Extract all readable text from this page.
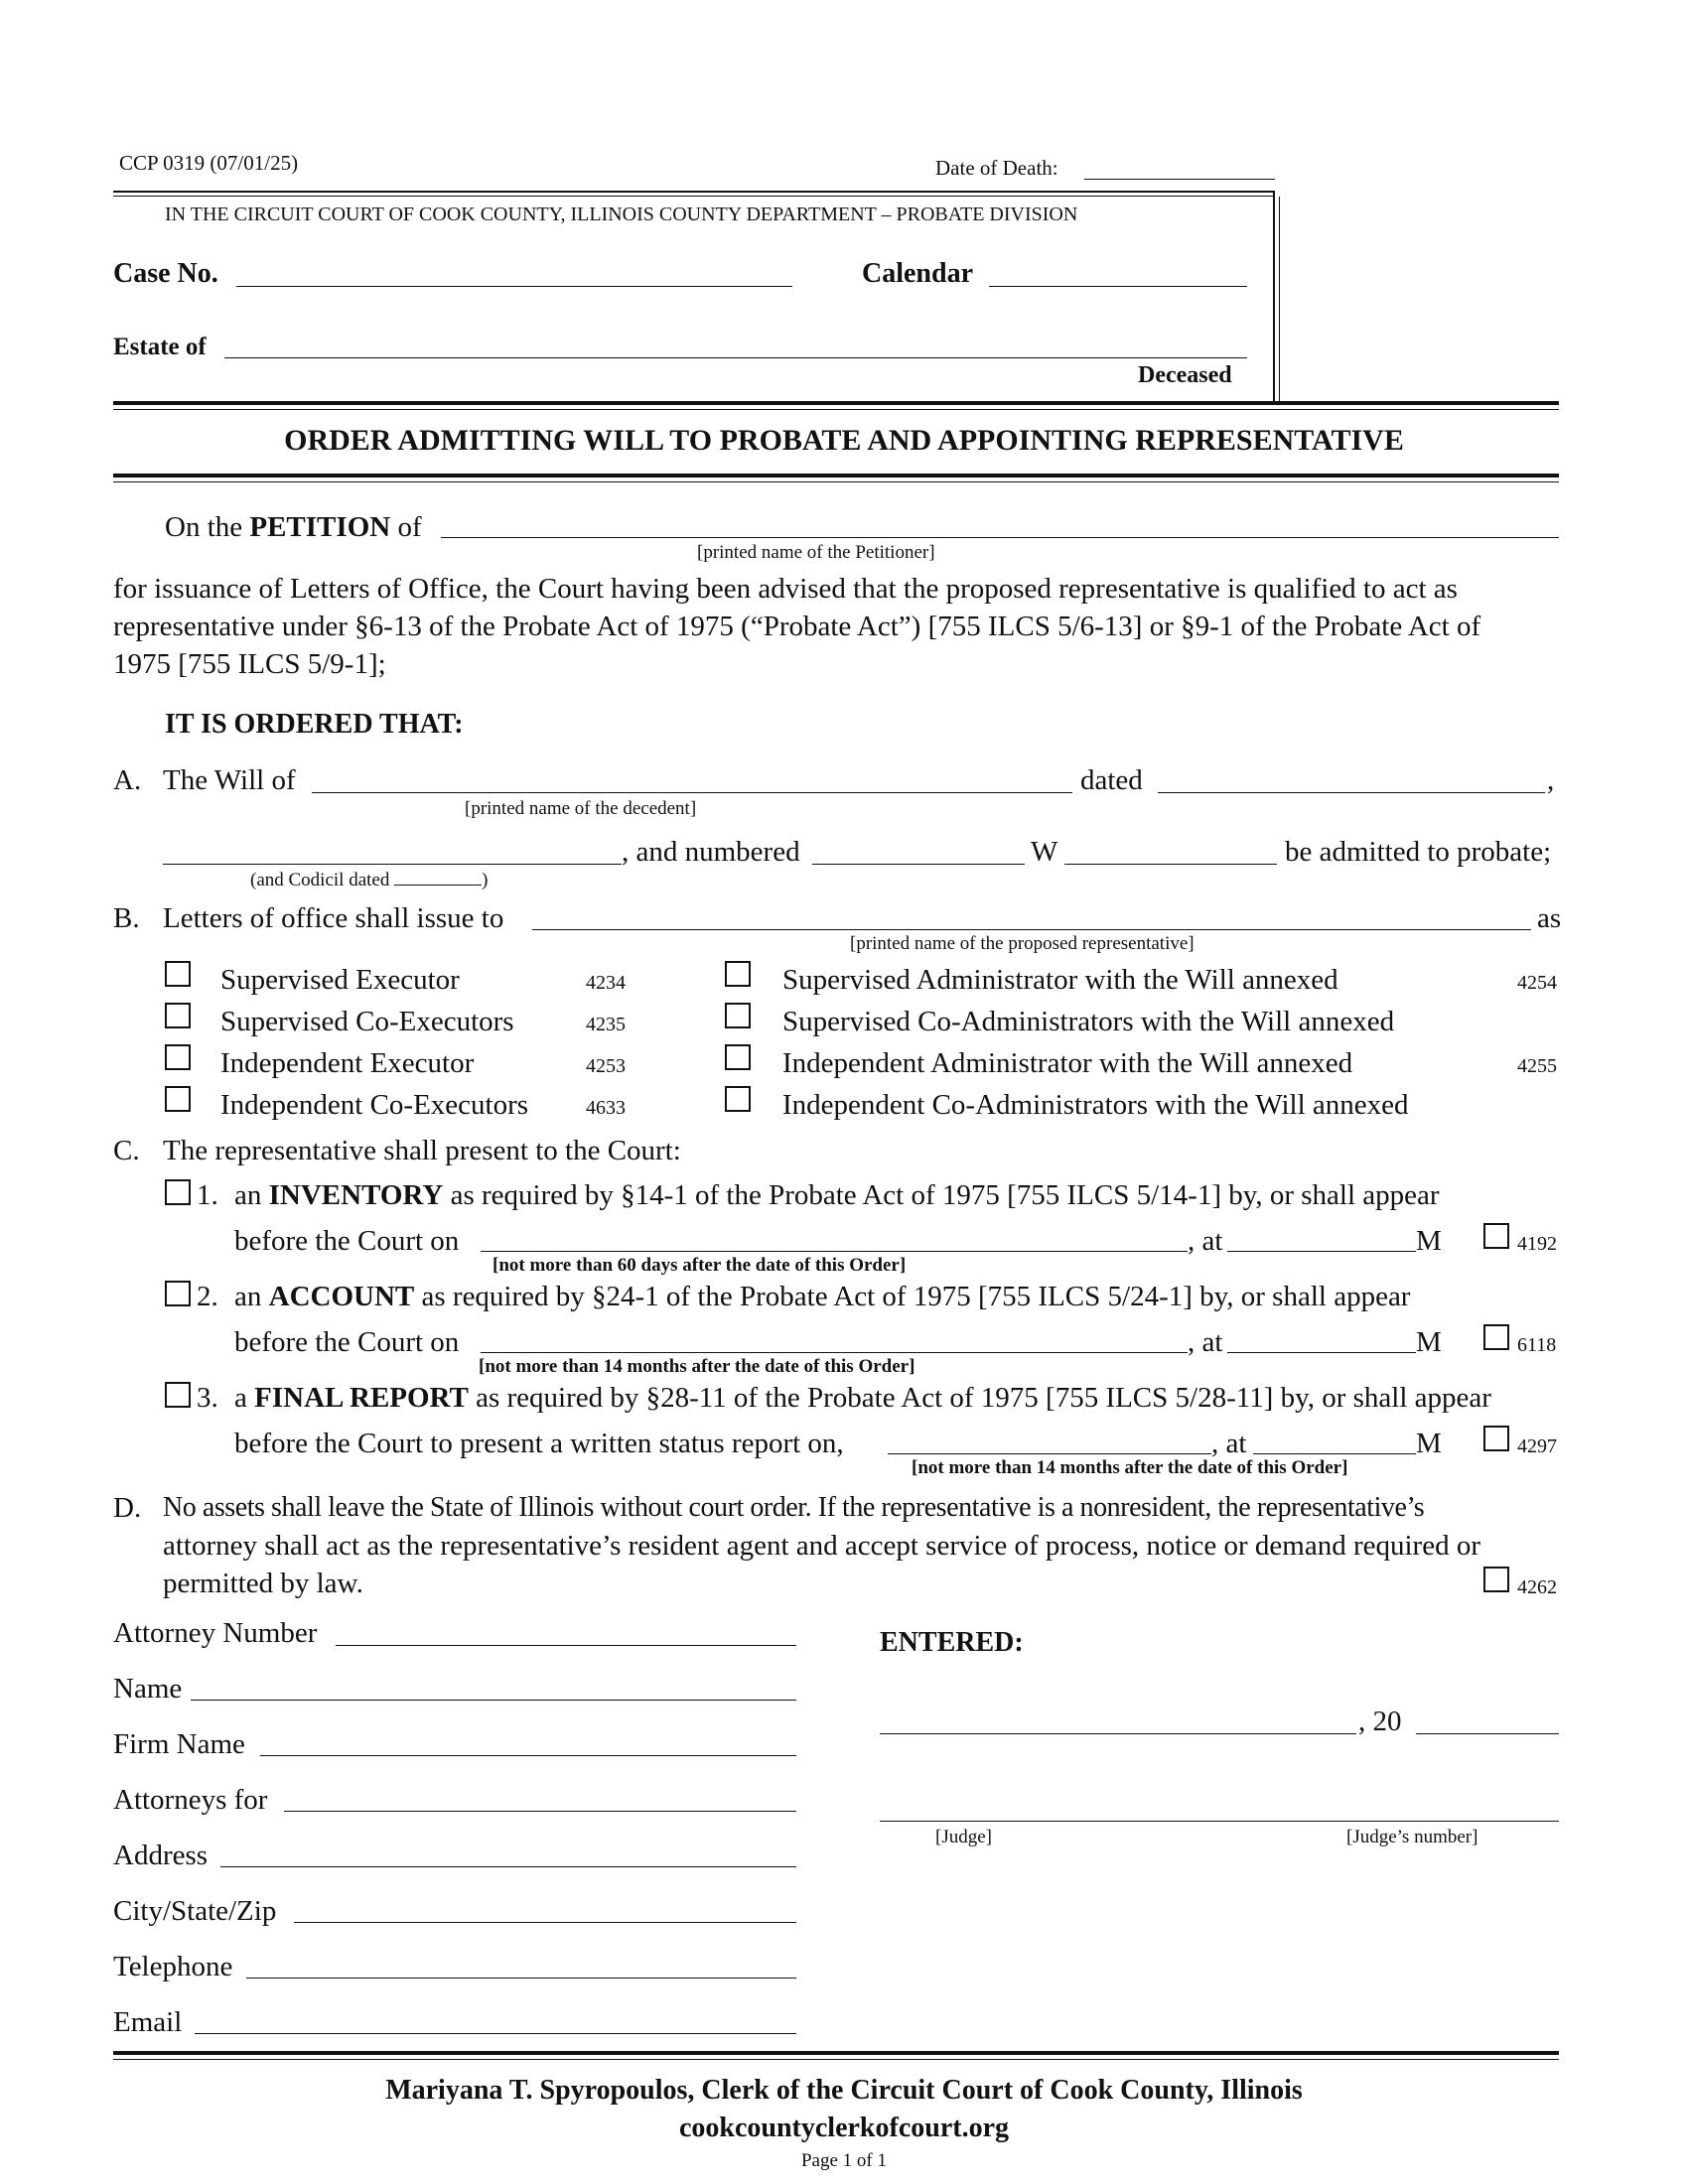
CCP 0319 (07/01/25)	Date of Death:
IN THE CIRCUIT COURT OF COOK COUNTY, ILLINOIS COUNTY DEPARTMENT – PROBATE DIVISION
Case No.	Calendar
Estate of
Deceased
ORDER ADMITTING WILL TO PROBATE AND APPOINTING REPRESENTATIVE
On the PETITION of
[printed name of the Petitioner]
for issuance of Letters of Office, the Court having been advised that the proposed representative is qualified to act as
representative under §6-13 of the Probate Act of 1975 (“Probate Act”) [755 ILCS 5/6-13] or §9-1 of the Probate Act of
1975 [755 ILCS 5/9-1];
IT IS ORDERED THAT:
A. The Will of	dated	,
[printed name of the decedent]
, and numbered	W	be admitted to probate;
(and Codicil dated	)
B. Letters of office shall issue to	as
[printed name of the proposed representative]
Supervised Executor	4234
Supervised Co-Executors	4235
Independent Executor	4253
Independent Co-Executors	4633
Supervised Administrator with the Will annexed	4254
Supervised Co-Administrators with the Will annexed
Independent Administrator with the Will annexed	4255
Independent Co-Administrators with the Will annexed
C. The representative shall present to the Court:
1. an INVENTORY as required by §14-1 of the Probate Act of 1975 [755 ILCS 5/14-1] by, or shall appear
before the Court on
[not more than 60 days after the date of this Order]
, at	M	4192
2. an ACCOUNT as required by §24-1 of the Probate Act of 1975 [755 ILCS 5/24-1] by, or shall appear
before the Court on
[not more than 14 months after the date of this Order]
, at	M	6118
3. a FINAL REPORT as required by §28-11 of the Probate Act of 1975 [755 ILCS 5/28-11] by, or shall appear
before the Court to present a written status report on,
[not more than 14 months after the date of this Order]
, at	M	4297
D. No assets shall leave the State of Illinois without court order. If the representative is a nonresident, the representative’s
attorney shall act as the representative’s resident agent and accept service of process, notice or demand required or
permitted by law.	4262
Attorney Number
Name
Firm Name
Attorneys for
Address
City/State/Zip
Telephone
Email
ENTERED:
, 20
[Judge]	[Judge’s number]
Mariyana T. Spyropoulos, Clerk of the Circuit Court of Cook County, Illinois
cookcountyclerkofcourt.org
Page 1 of 1
